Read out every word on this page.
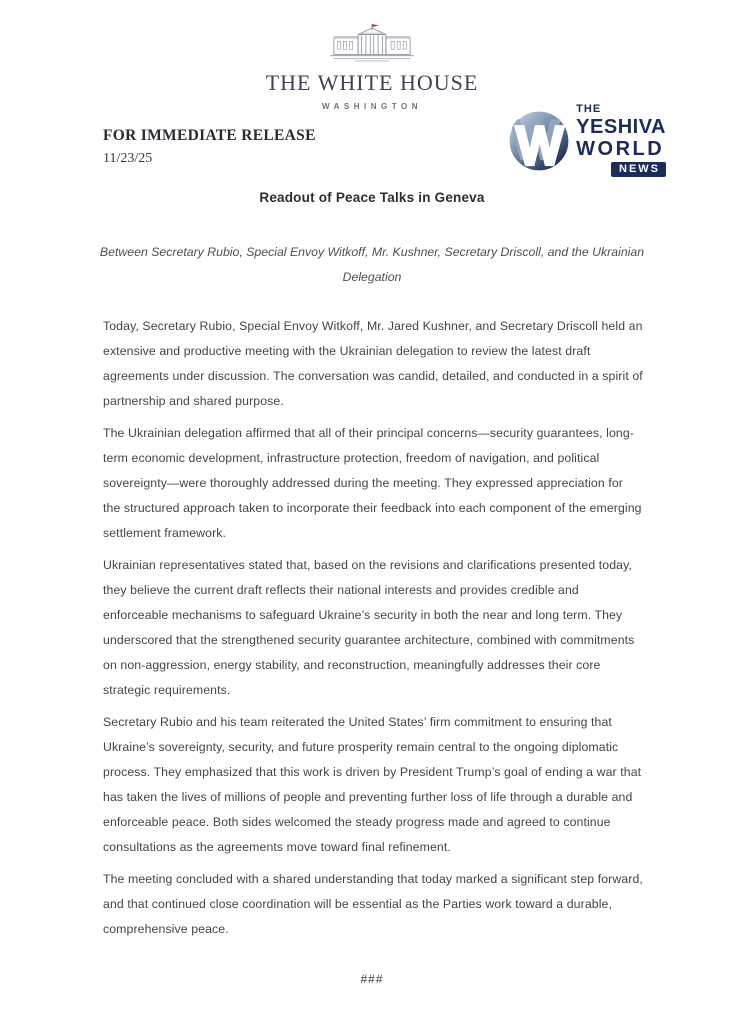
THE WHITE HOUSE
WASHINGTON
FOR IMMEDIATE RELEASE
11/23/25
THE
YESHIVA
WORLD
NEWS
Readout of Peace Talks in Geneva

Between Secretary Rubio, Special Envoy Witkoff, Mr. Kushner, Secretary Driscoll, and the Ukrainian Delegation

Today, Secretary Rubio, Special Envoy Witkoff, Mr. Jared Kushner, and Secretary Driscoll held an extensive and productive meeting with the Ukrainian delegation to review the latest draft agreements under discussion. The conversation was candid, detailed, and conducted in a spirit of partnership and shared purpose.

The Ukrainian delegation affirmed that all of their principal concerns—security guarantees, long-term economic development, infrastructure protection, freedom of navigation, and political sovereignty—were thoroughly addressed during the meeting. They expressed appreciation for the structured approach taken to incorporate their feedback into each component of the emerging settlement framework.

Ukrainian representatives stated that, based on the revisions and clarifications presented today, they believe the current draft reflects their national interests and provides credible and enforceable mechanisms to safeguard Ukraine’s security in both the near and long term. They underscored that the strengthened security guarantee architecture, combined with commitments on non-aggression, energy stability, and reconstruction, meaningfully addresses their core strategic requirements.

Secretary Rubio and his team reiterated the United States’ firm commitment to ensuring that Ukraine’s sovereignty, security, and future prosperity remain central to the ongoing diplomatic process. They emphasized that this work is driven by President Trump’s goal of ending a war that has taken the lives of millions of people and preventing further loss of life through a durable and enforceable peace. Both sides welcomed the steady progress made and agreed to continue consultations as the agreements move toward final refinement.

The meeting concluded with a shared understanding that today marked a significant step forward, and that continued close coordination will be essential as the Parties work toward a durable, comprehensive peace.

###
